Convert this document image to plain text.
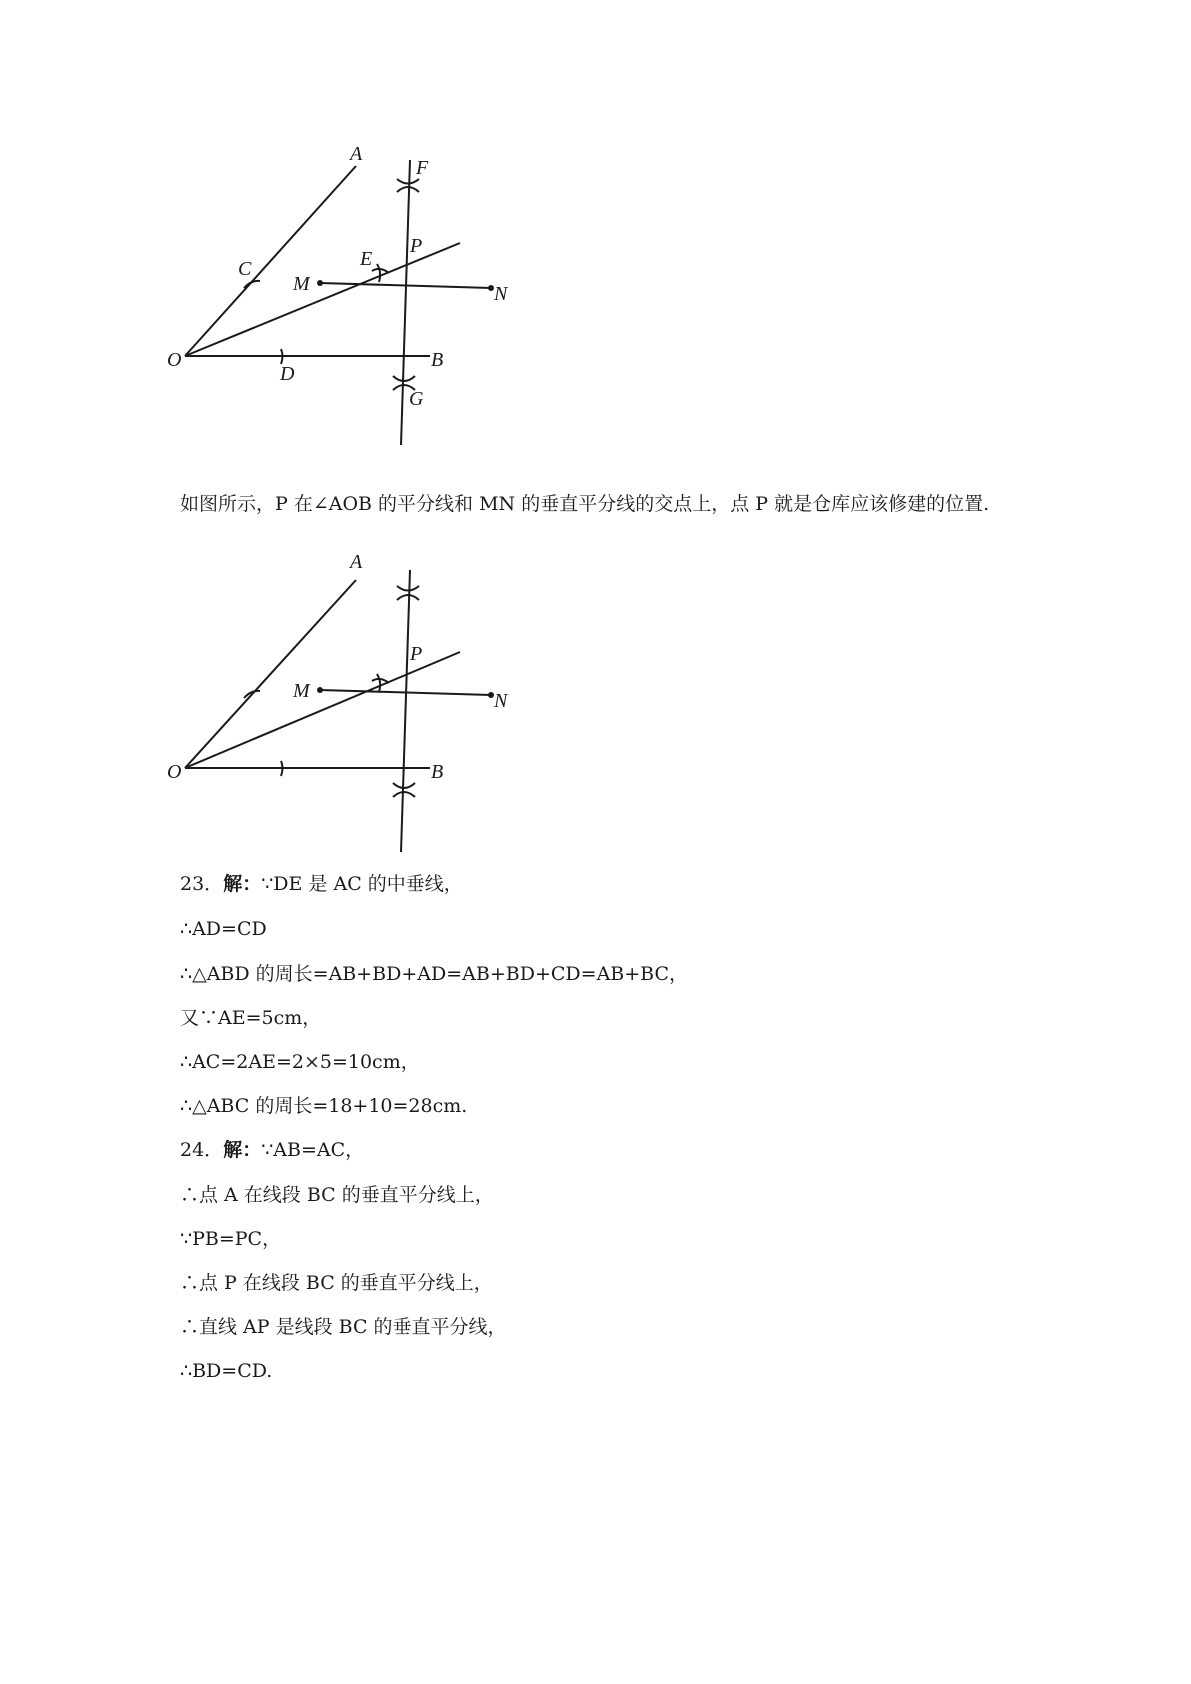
A
F
P
E
C
M	N
O
D
B
G
如图所示，P 在∠AOB 的平分线和 MN 的垂直平分线的交点上，点 P 就是仓库应该修建的位置.
A
P
M	N
O	B
23．解：∵DE 是 AC 的中垂线，
∴AD=CD
∴△ABD 的周长=AB+BD+AD=AB+BD+CD=AB+BC，
又∵AE=5cm，
∴AC=2AE=2×5=10cm，
∴△ABC 的周长=18+10=28cm.
24．解：∵AB=AC，
∴点 A 在线段 BC 的垂直平分线上，
∵PB=PC，
∴点 P 在线段 BC 的垂直平分线上，
∴直线 AP 是线段 BC 的垂直平分线，
∴BD=CD.
